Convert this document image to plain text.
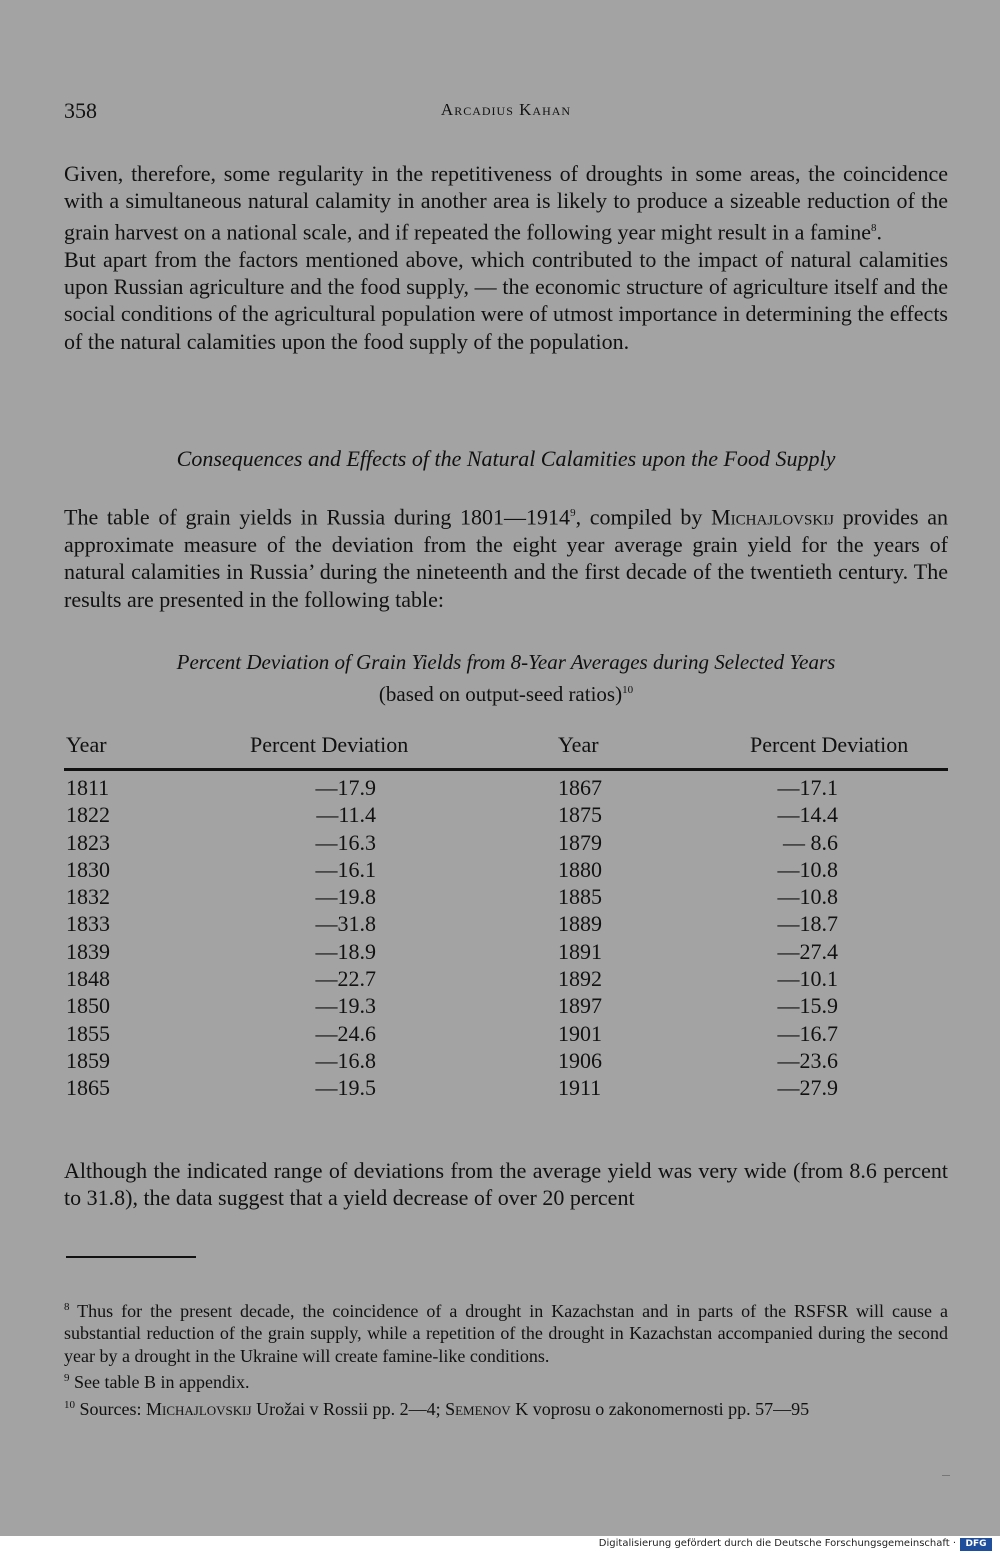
358	Arcadius Kahan

Given, therefore, some regularity in the repetitiveness of droughts in some areas, the coincidence with a simultaneous natural calamity in another area is likely to produce a sizeable reduction of the grain harvest on a national scale, and if repeated the following year might result in a famine$^8$.

But apart from the factors mentioned above, which contributed to the impact of natural calamities upon Russian agriculture and the food supply, — the economic structure of agriculture itself and the social conditions of the agricultural population were of utmost importance in determining the effects of the natural calamities upon the food supply of the population.

Consequences and Effects of the Natural Calamities upon the Food Supply

The table of grain yields in Russia during 1801—1914$^9$, compiled by Michajlovskij provides an approximate measure of the deviation from the eight year average grain yield for the years of natural calamities in Russia’ during the nineteenth and the first decade of the twentieth century. The results are presented in the following table:

Percent Deviation of Grain Yields from 8-Year Averages during Selected Years
(based on output-seed ratios)$^{10}$
Year	Percent Deviation	Year	Percent Deviation
1811	—17.9	1867	—17.1
1822	—11.4	1875	—14.4
1823	—16.3	1879	— 8.6
1830	—16.1	1880	—10.8
1832	—19.8	1885	—10.8
1833	—31.8	1889	—18.7
1839	—18.9	1891	—27.4
1848	—22.7	1892	—10.1
1850	—19.3	1897	—15.9
1855	—24.6	1901	—16.7
1859	—16.8	1906	—23.6
1865	—19.5	1911	—27.9
Although the indicated range of deviations from the average yield was very wide (from 8.6 percent to 31.8), the data suggest that a yield decrease of over 20 percent

$^8$ Thus for the present decade, the coincidence of a drought in Kazachstan and in parts of the RSFSR will cause a substantial reduction of the grain supply, while a repetition of the drought in Kazachstan accompanied during the second year by a drought in the Ukraine will create famine-like conditions.

$^9$ See table B in appendix.

$^{10}$ Sources: Michajlovskij Urožai v Rossii pp. 2—4; Semenov K voprosu o zakonomernosti pp. 57—95

Digitalisierung gefördert durch die Deutsche Forschungsgemeinschaft ·	DFG
